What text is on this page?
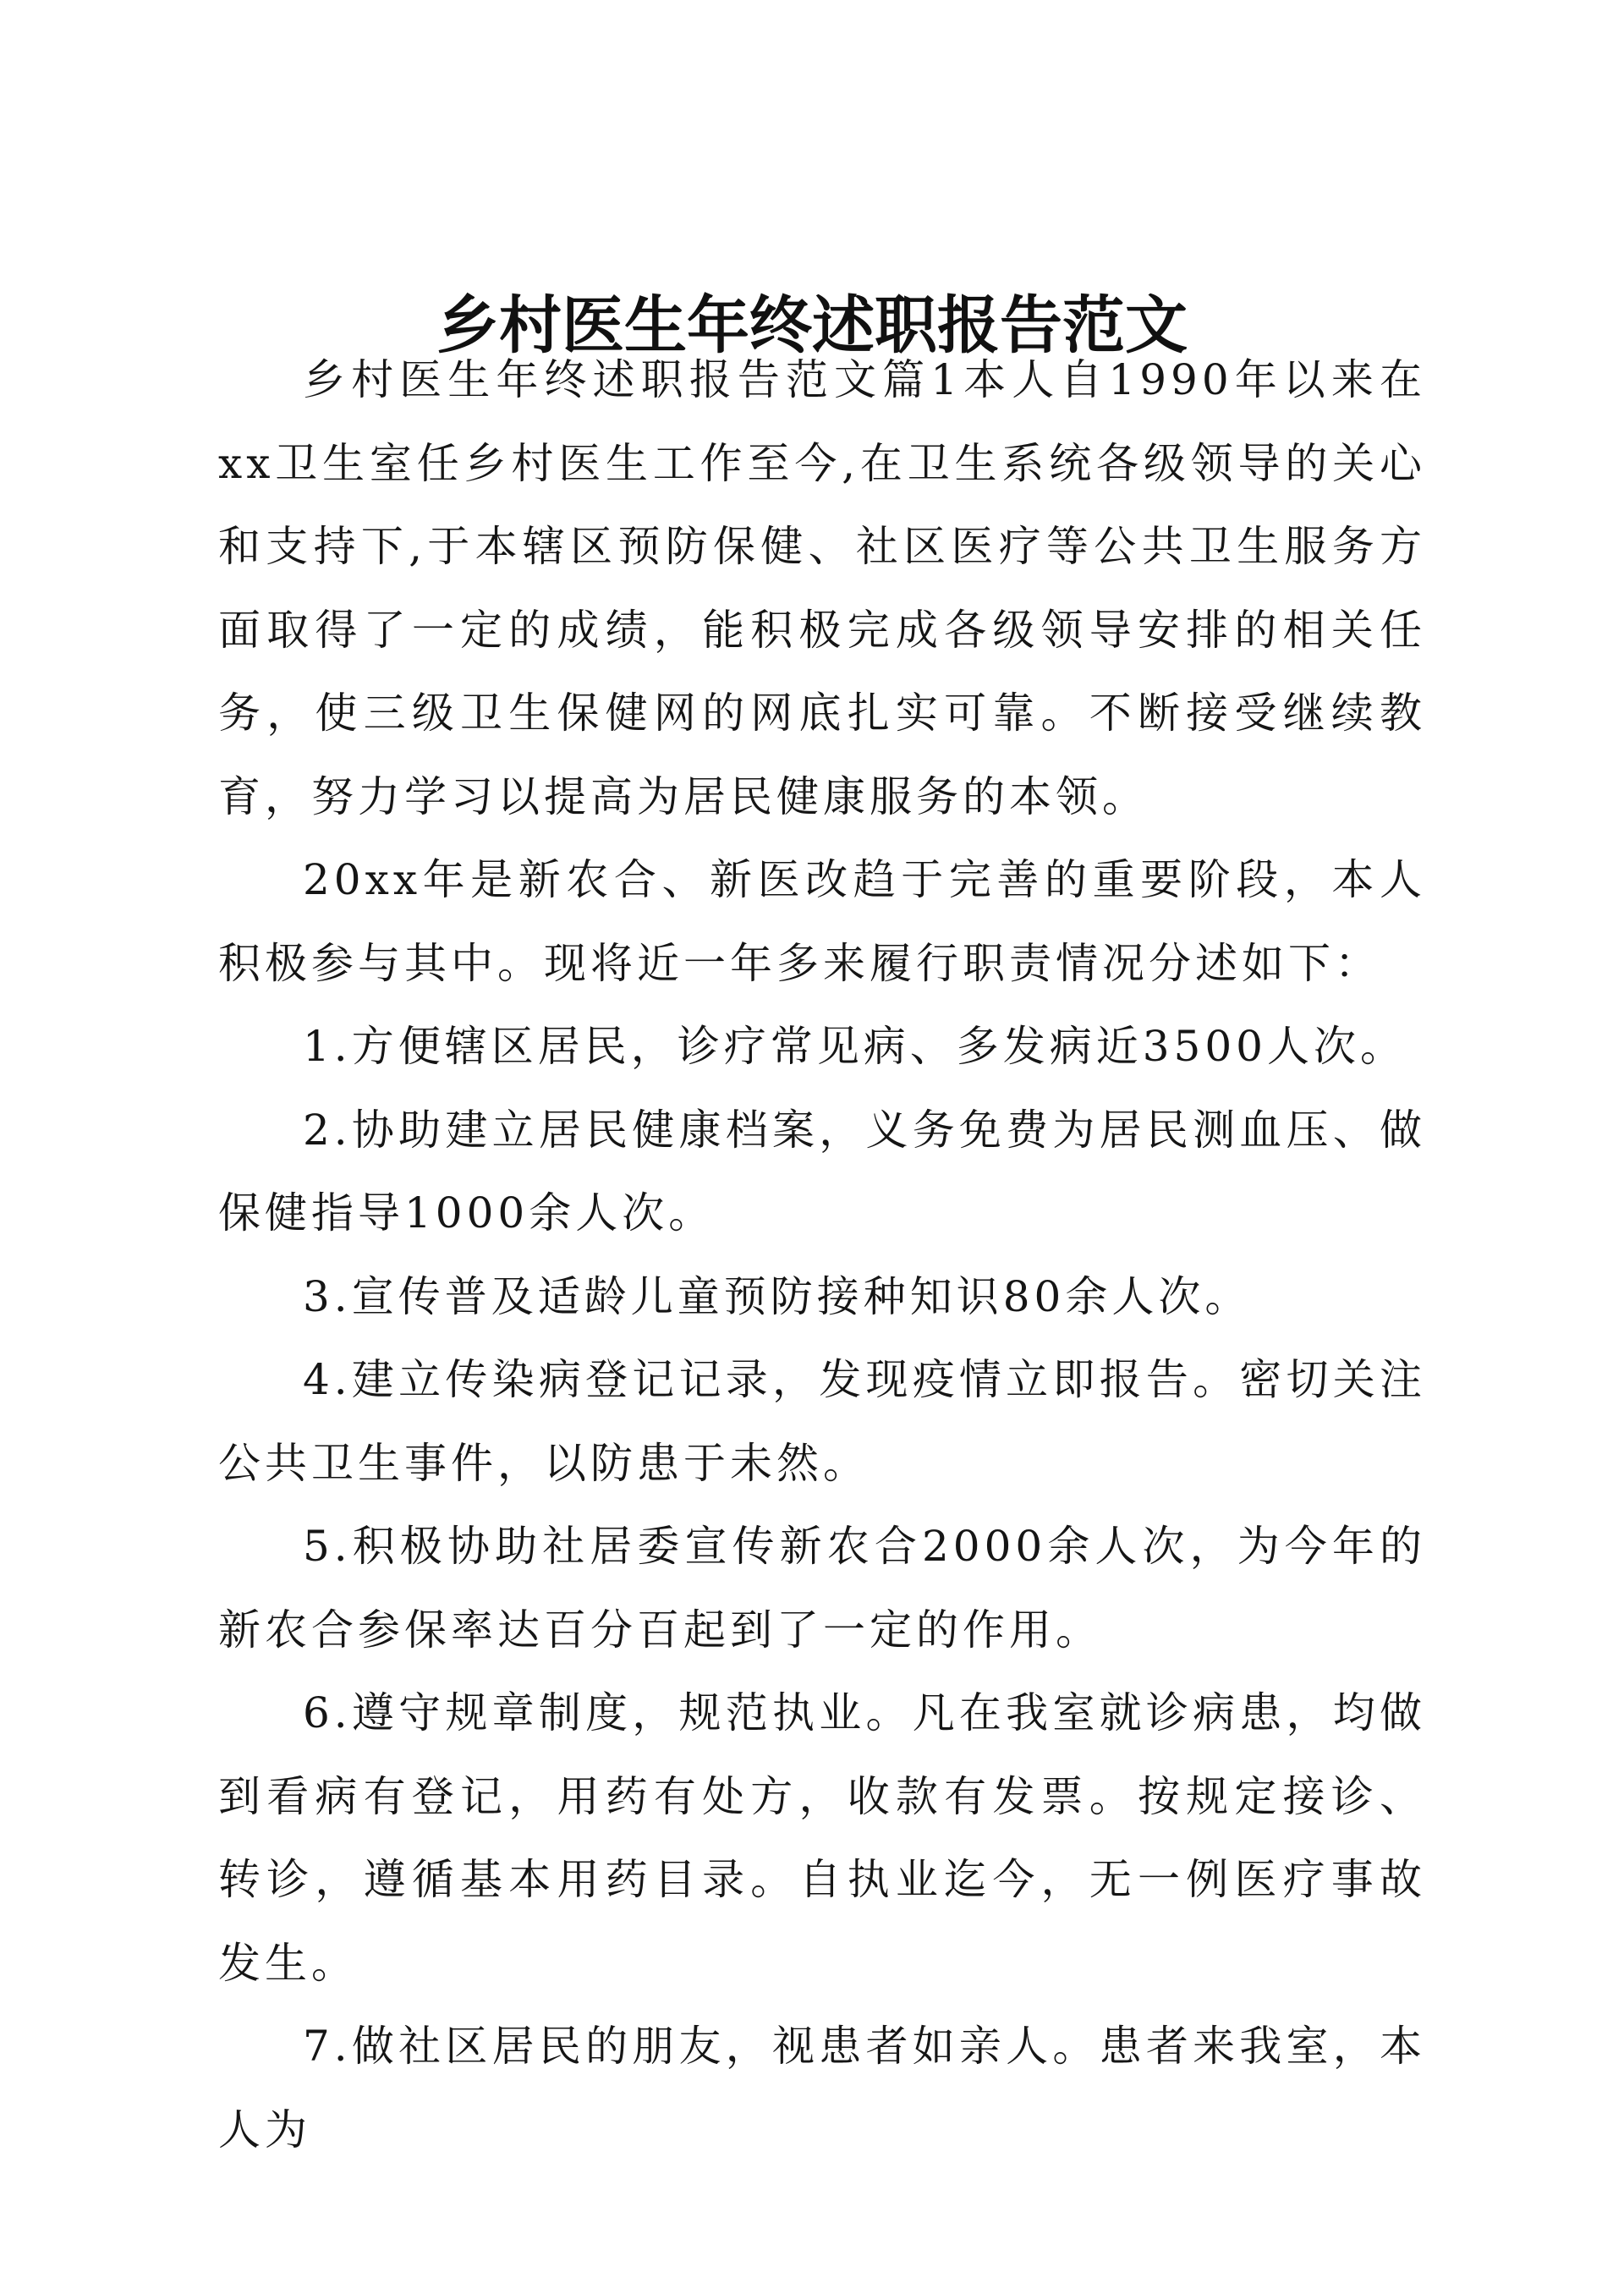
乡村医生年终述职报告范文

乡村医生年终述职报告范文篇1本人自1990年以来在xx卫生室任乡村医生工作至今,在卫生系统各级领导的关心和支持下,于本辖区预防保健、社区医疗等公共卫生服务方面取得了一定的成绩，能积极完成各级领导安排的相关任务，使三级卫生保健网的网底扎实可靠。不断接受继续教育，努力学习以提高为居民健康服务的本领。

20xx年是新农合、新医改趋于完善的重要阶段，本人积极参与其中。现将近一年多来履行职责情况分述如下：

1.方便辖区居民，诊疗常见病、多发病近3500人次。

2.协助建立居民健康档案，义务免费为居民测血压、做保健指导1000余人次。

3.宣传普及适龄儿童预防接种知识80余人次。

4.建立传染病登记记录，发现疫情立即报告。密切关注公共卫生事件，以防患于未然。

5.积极协助社居委宣传新农合2000余人次，为今年的新农合参保率达百分百起到了一定的作用。

6.遵守规章制度，规范执业。凡在我室就诊病患，均做到看病有登记，用药有处方，收款有发票。按规定接诊、转诊，遵循基本用药目录。自执业迄今，无一例医疗事故发生。

7.做社区居民的朋友，视患者如亲人。患者来我室，本人为
